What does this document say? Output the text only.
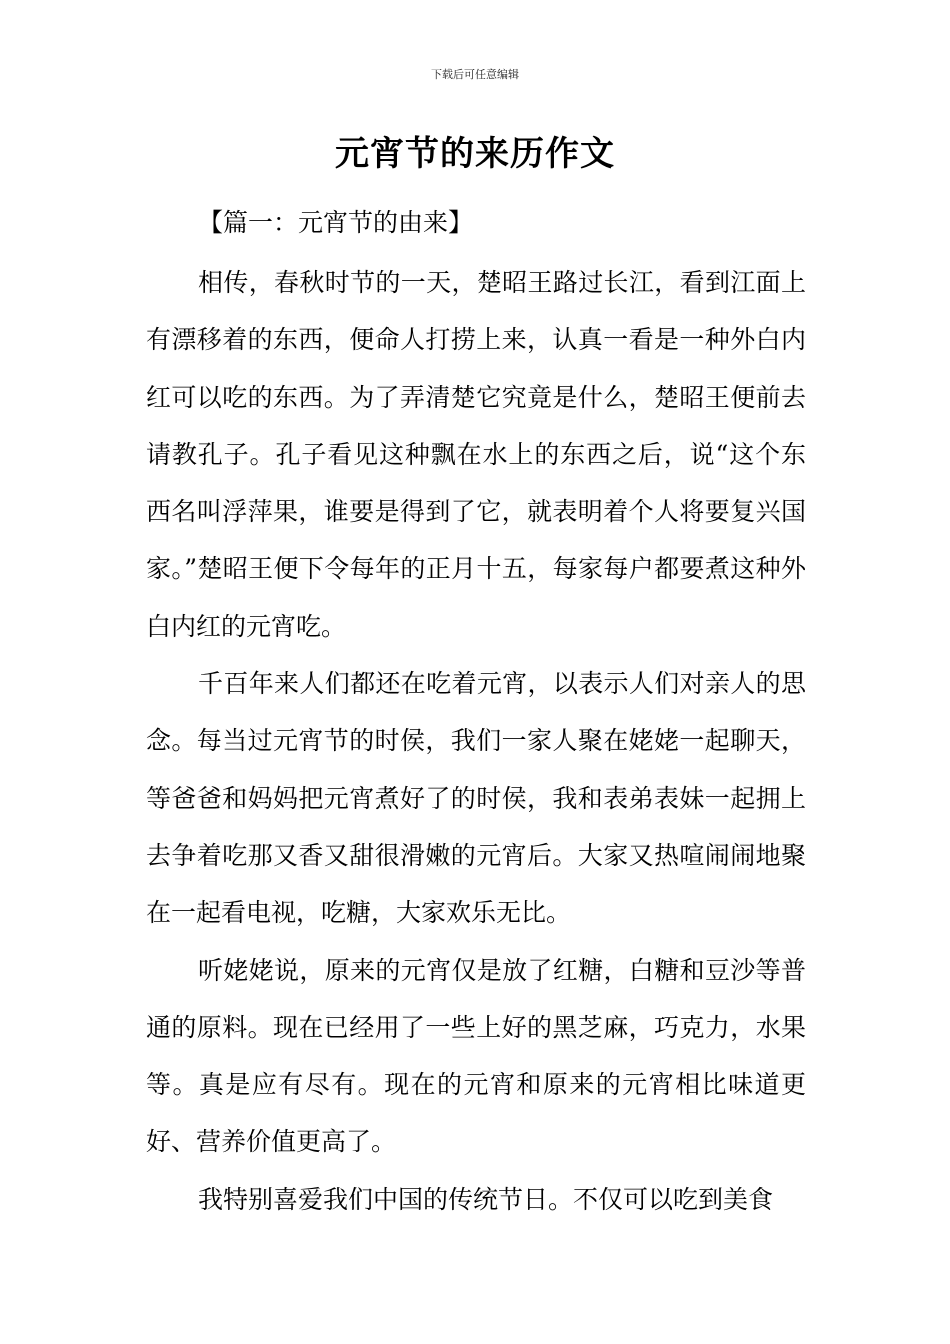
下载后可任意编辑
元宵节的来历作文
【篇一：元宵节的由来】

相传，春秋时节的一天，楚昭王路过长江，看到江面上有漂移着的东西，便命人打捞上来，认真一看是一种外白内红可以吃的东西。为了弄清楚它究竟是什么，楚昭王便前去请教孔子。孔子看见这种飘在水上的东西之后，说“这个东西名叫浮萍果，谁要是得到了它，就表明着个人将要复兴国家。”楚昭王便下令每年的正月十五，每家每户都要煮这种外白内红的元宵吃。

千百年来人们都还在吃着元宵，以表示人们对亲人的思念。每当过元宵节的时侯，我们一家人聚在姥姥一起聊天，等爸爸和妈妈把元宵煮好了的时侯，我和表弟表妹一起拥上去争着吃那又香又甜很滑嫩的元宵后。大家又热喧闹闹地聚在一起看电视，吃糖，大家欢乐无比。

听姥姥说，原来的元宵仅是放了红糖，白糖和豆沙等普通的原料。现在已经用了一些上好的黑芝麻，巧克力，水果等。真是应有尽有。现在的元宵和原来的元宵相比味道更好、营养价值更高了。

我特别喜爱我们中国的传统节日。不仅可以吃到美食
